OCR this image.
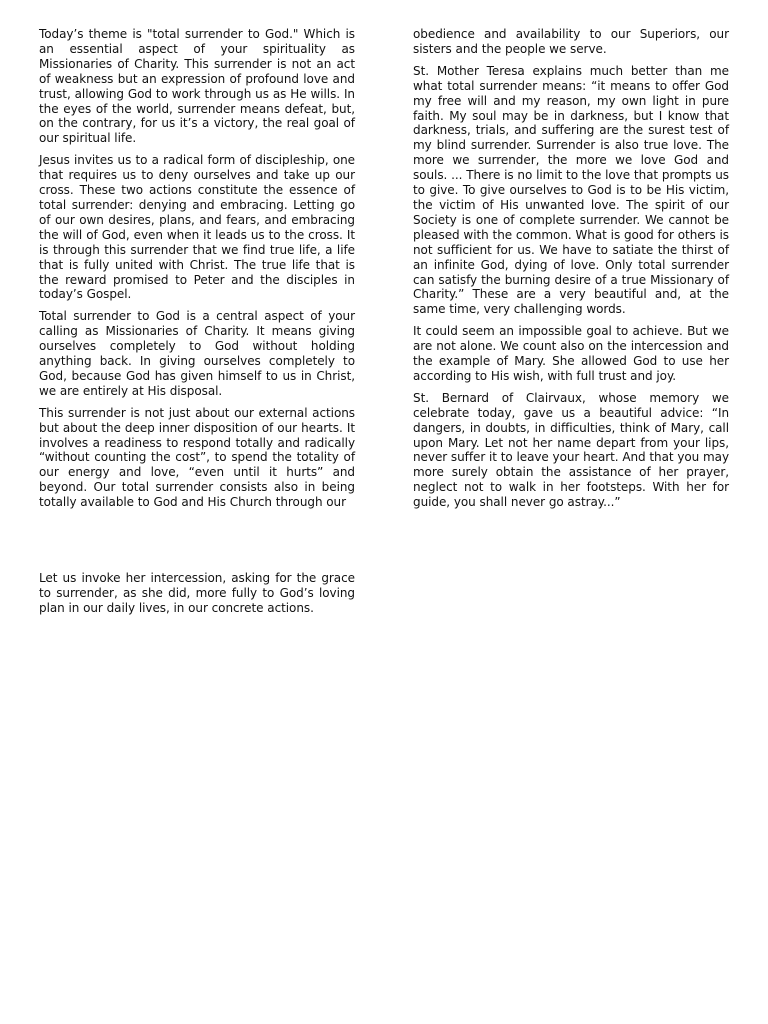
Today’s theme is "total surrender to God." Which is an essential aspect of your spirituality as Missionaries of Charity. This surrender is not an act of weakness but an expression of profound love and trust, allowing God to work through us as He wills. In the eyes of the world, surrender means defeat, but, on the contrary, for us it’s a victory, the real goal of our spiritual life.

Jesus invites us to a radical form of discipleship, one that requires us to deny ourselves and take up our cross. These two actions constitute the essence of total surrender: denying and embracing. Letting go of our own desires, plans, and fears, and embracing the will of God, even when it leads us to the cross. It is through this surrender that we find true life, a life that is fully united with Christ. The true life that is the reward promised to Peter and the disciples in today’s Gospel.

Total surrender to God is a central aspect of your calling as Missionaries of Charity. It means giving ourselves completely to God without holding anything back. In giving ourselves completely to God, because God has given himself to us in Christ, we are entirely at His disposal.

This surrender is not just about our external actions but about the deep inner disposition of our hearts. It involves a readiness to respond totally and radically “without counting the cost”, to spend the totality of our energy and love, “even until it hurts” and beyond. Our total surrender consists also in being totally available to God and His Church through our

Let us invoke her intercession, asking for the grace to surrender, as she did, more fully to God’s loving plan in our daily lives, in our concrete actions.

obedience and availability to our Superiors, our sisters and the people we serve.

St. Mother Teresa explains much better than me what total surrender means: “it means to offer God my free will and my reason, my own light in pure faith. My soul may be in darkness, but I know that darkness, trials, and suffering are the surest test of my blind surrender. Surrender is also true love. The more we surrender, the more we love God and souls. ... There is no limit to the love that prompts us to give. To give ourselves to God is to be His victim, the victim of His unwanted love. The spirit of our Society is one of complete surrender. We cannot be pleased with the common. What is good for others is not sufficient for us. We have to satiate the thirst of an infinite God, dying of love. Only total surrender can satisfy the burning desire of a true Missionary of Charity.” These are a very beautiful and, at the same time, very challenging words.

It could seem an impossible goal to achieve. But we are not alone. We count also on the intercession and the example of Mary. She allowed God to use her according to His wish, with full trust and joy.

St. Bernard of Clairvaux, whose memory we celebrate today, gave us a beautiful advice: “In dangers, in doubts, in difficulties, think of Mary, call upon Mary. Let not her name depart from your lips, never suffer it to leave your heart. And that you may more surely obtain the assistance of her prayer, neglect not to walk in her footsteps. With her for guide, you shall never go astray...”
